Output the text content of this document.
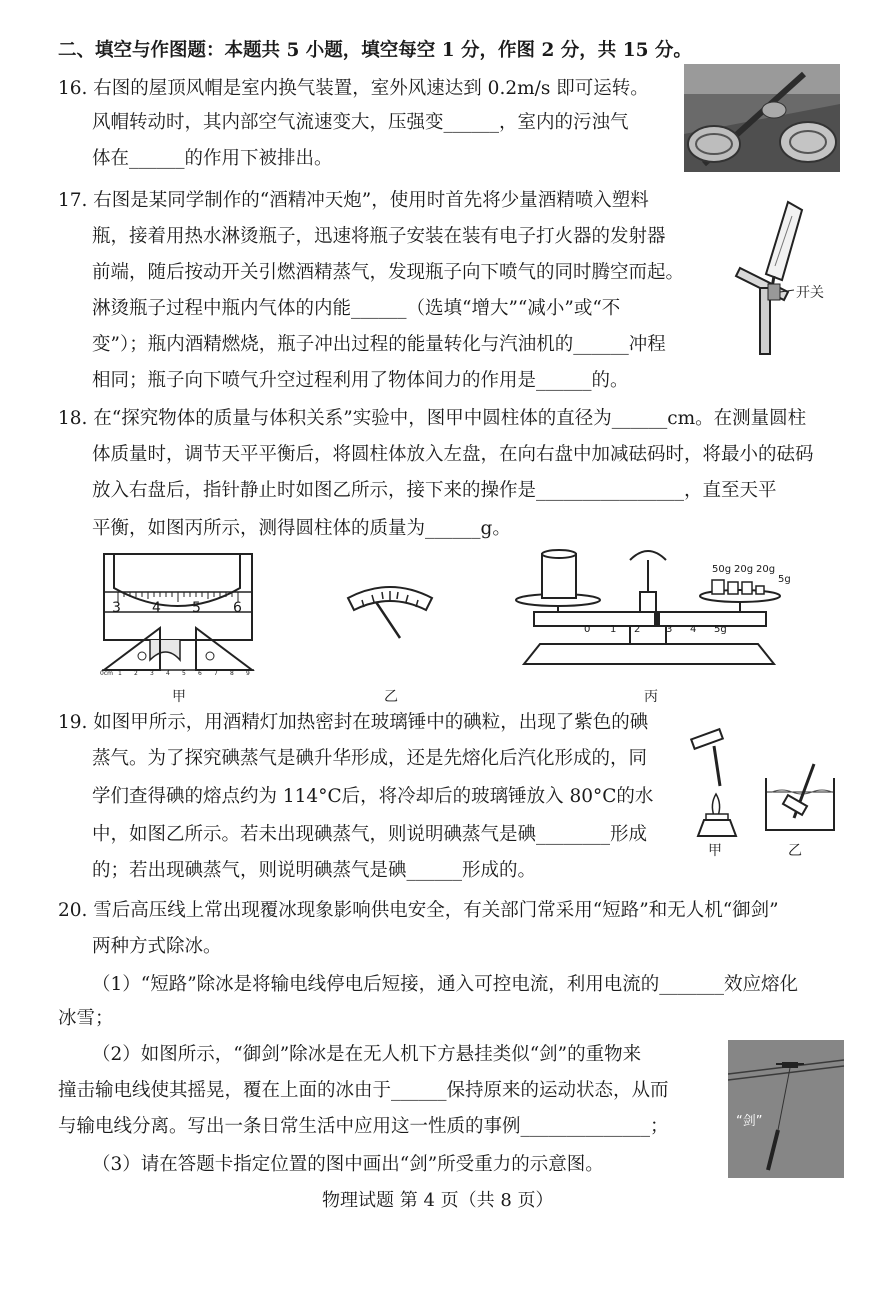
二、填空与作图题：本题共 5 小题，填空每空 1 分，作图 2 分，共 15 分。
16. 右图的屋顶风帽是室内换气装置，室外风速达到 0.2m/s 即可运转。
风帽转动时，其内部空气流速变大，压强变______，室内的污浊气
体在______的作用下被排出。
17. 右图是某同学制作的“酒精冲天炮”，使用时首先将少量酒精喷入塑料
瓶，接着用热水淋烫瓶子，迅速将瓶子安装在装有电子打火器的发射器
前端，随后按动开关引燃酒精蒸气，发现瓶子向下喷气的同时腾空而起。
淋烫瓶子过程中瓶内气体的内能______（选填“增大”“减小”或“不
变”）；瓶内酒精燃烧，瓶子冲出过程的能量转化与汽油机的______冲程
相同；瓶子向下喷气升空过程利用了物体间力的作用是______的。
开关
18. 在“探究物体的质量与体积关系”实验中，图甲中圆柱体的直径为______cm。在测量圆柱
体质量时，调节天平平衡后，将圆柱体放入左盘，在向右盘中加减砝码时，将最小的砝码
放入右盘后，指针静止时如图乙所示，接下来的操作是________________，直至天平
平衡，如图丙所示，测得圆柱体的质量为______g。
3 4 5 6
0cm 1 2 3 4 5 6 7 8 9
甲	乙
0 1 2	3 4 5g
50g 20g 20g
5g
丙
19. 如图甲所示，用酒精灯加热密封在玻璃锤中的碘粒，出现了紫色的碘
蒸气。为了探究碘蒸气是碘升华形成，还是先熔化后汽化形成的，同
学们查得碘的熔点约为 114°C后，将冷却后的玻璃锤放入 80°C的水
中，如图乙所示。若未出现碘蒸气，则说明碘蒸气是碘________形成
的；若出现碘蒸气，则说明碘蒸气是碘______形成的。
甲	乙
20. 雪后高压线上常出现覆冰现象影响供电安全，有关部门常采用“短路”和无人机“御剑”
两种方式除冰。
（1）“短路”除冰是将输电线停电后短接，通入可控电流，利用电流的_______效应熔化
冰雪；
（2）如图所示，“御剑”除冰是在无人机下方悬挂类似“剑”的重物来
撞击输电线使其摇晃，覆在上面的冰由于______保持原来的运动状态，从而
与输电线分离。写出一条日常生活中应用这一性质的事例______________；
（3）请在答题卡指定位置的图中画出“剑”所受重力的示意图。
“剑”
物理试题 第 4 页（共 8 页）
